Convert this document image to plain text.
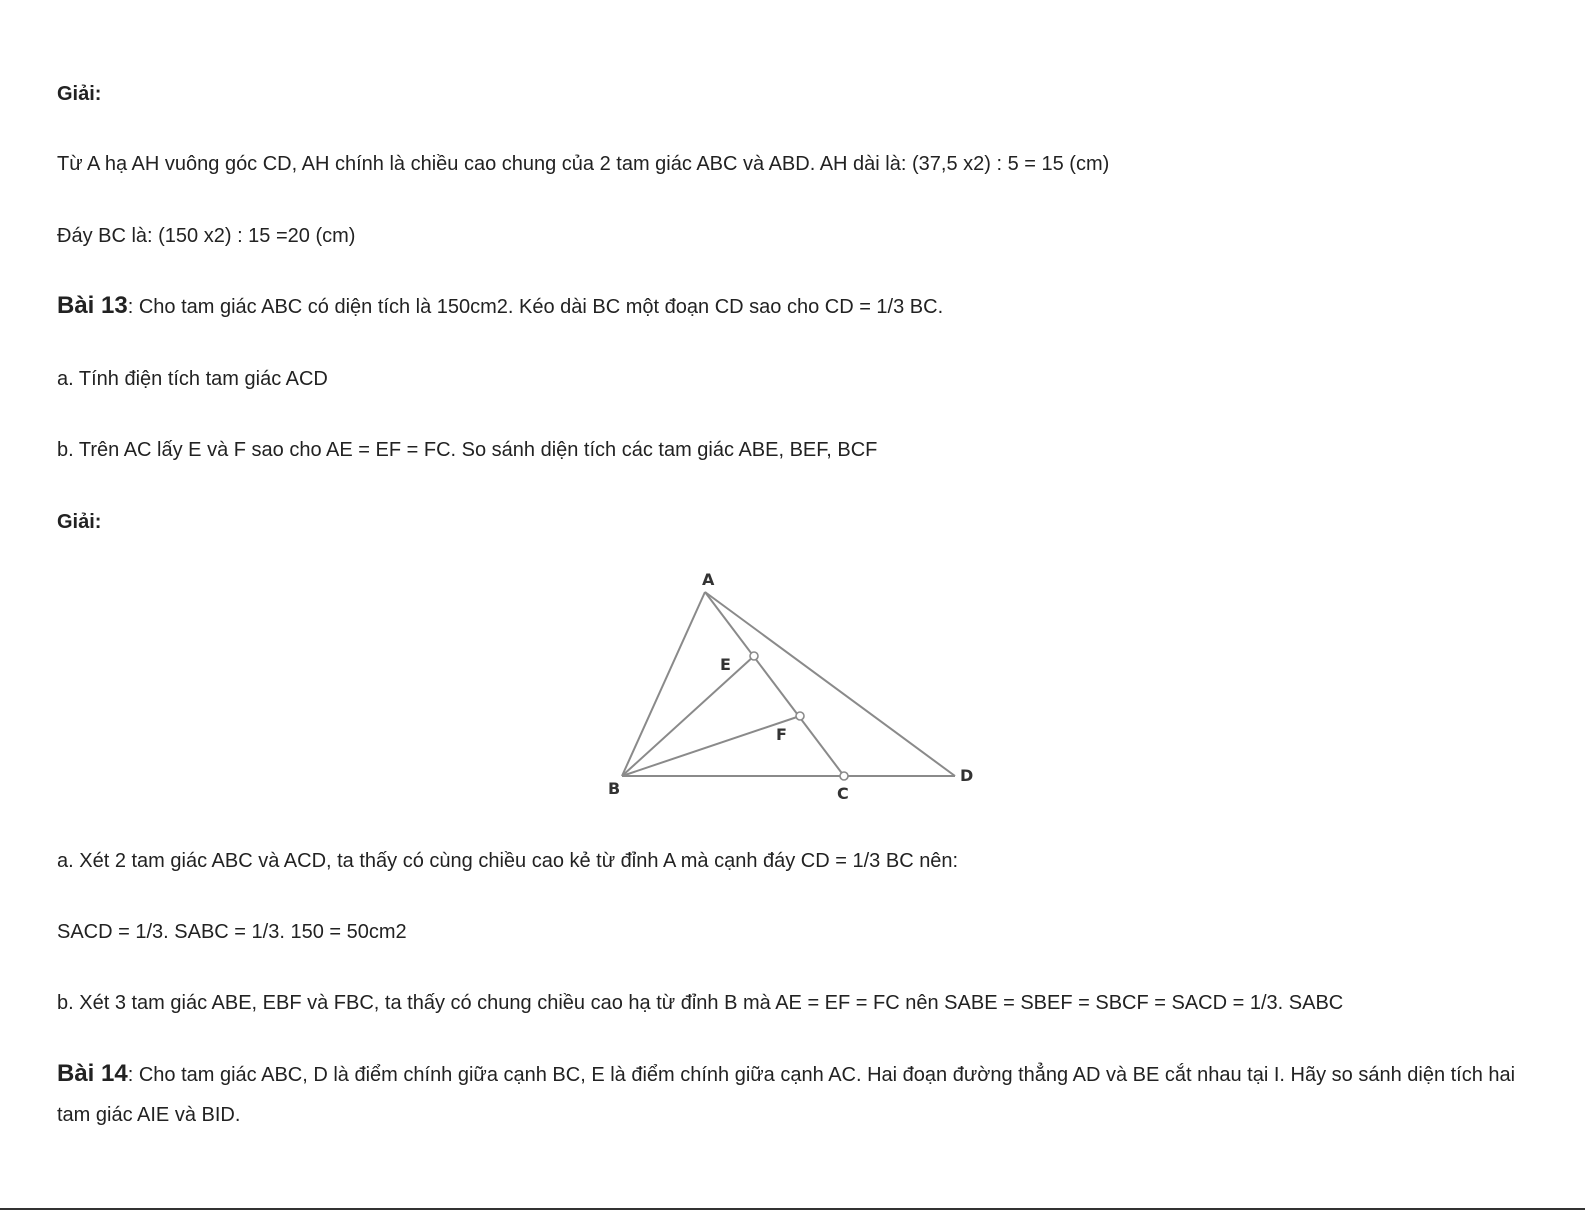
Giải:
Từ A hạ AH vuông góc CD, AH chính là chiều cao chung của 2 tam giác ABC và ABD. AH dài là: (37,5 x2) : 5 = 15 (cm)
Đáy BC là: (150 x2) : 15 =20 (cm)
Bài 13: Cho tam giác ABC có diện tích là 150cm2. Kéo dài BC một đoạn CD sao cho CD = 1/3 BC.
a. Tính điện tích tam giác ACD
b. Trên AC lấy E và F sao cho AE = EF = FC. So sánh diện tích các tam giác ABE, BEF, BCF
Giải:
A
B	C
D
E
F
a. Xét 2 tam giác ABC và ACD, ta thấy có cùng chiều cao kẻ từ đỉnh A mà cạnh đáy CD = 1/3 BC nên:
SACD = 1/3. SABC = 1/3. 150 = 50cm2
b. Xét 3 tam giác ABE, EBF và FBC, ta thấy có chung chiều cao hạ từ đỉnh B mà AE = EF = FC nên SABE = SBEF = SBCF = SACD = 1/3. SABC
Bài 14: Cho tam giác ABC, D là điểm chính giữa cạnh BC, E là điểm chính giữa cạnh AC. Hai đoạn đường thẳng AD và BE cắt nhau tại I. Hãy so sánh diện tích hai tam giác AIE và BID.
